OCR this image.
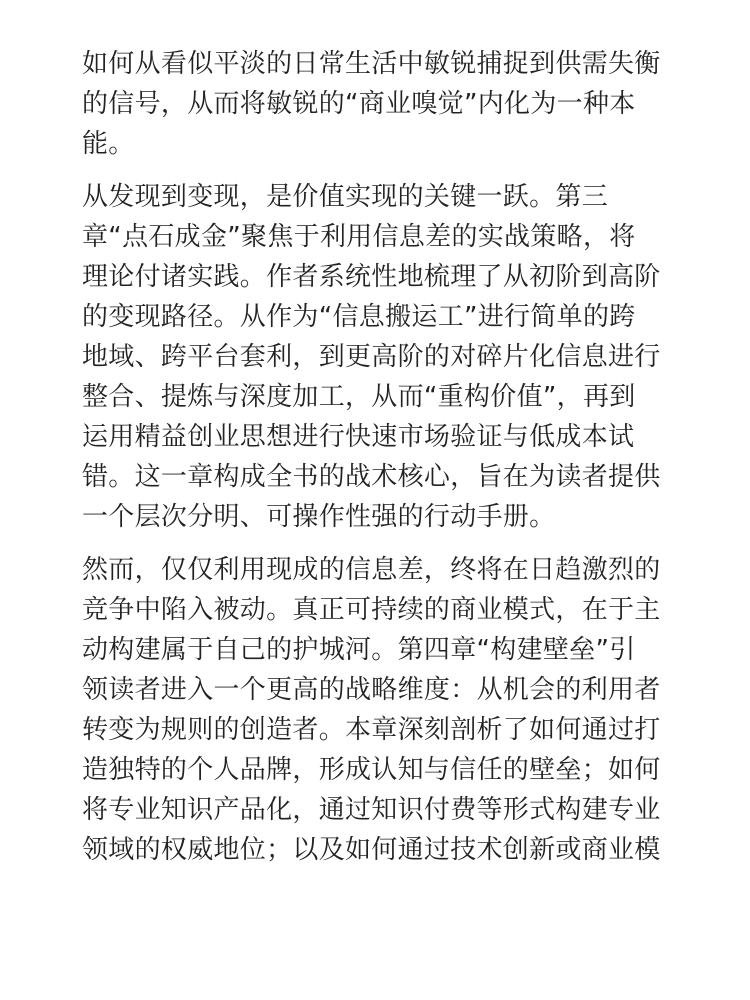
如何从看似平淡的日常生活中敏锐捕捉到供需失衡
的信号，从而将敏锐的“商业嗅觉”内化为一种本
能。
从发现到变现，是价值实现的关键一跃。第三
章“点石成金”聚焦于利用信息差的实战策略，将
理论付诸实践。作者系统性地梳理了从初阶到高阶
的变现路径。从作为“信息搬运工”进行简单的跨
地域、跨平台套利，到更高阶的对碎片化信息进行
整合、提炼与深度加工，从而“重构价值”，再到
运用精益创业思想进行快速市场验证与低成本试
错。这一章构成全书的战术核心，旨在为读者提供
一个层次分明、可操作性强的行动手册。
然而，仅仅利用现成的信息差，终将在日趋激烈的
竞争中陷入被动。真正可持续的商业模式，在于主
动构建属于自己的护城河。第四章“构建壁垒”引
领读者进入一个更高的战略维度：从机会的利用者
转变为规则的创造者。本章深刻剖析了如何通过打
造独特的个人品牌，形成认知与信任的壁垒；如何
将专业知识产品化，通过知识付费等形式构建专业
领域的权威地位；以及如何通过技术创新或商业模
